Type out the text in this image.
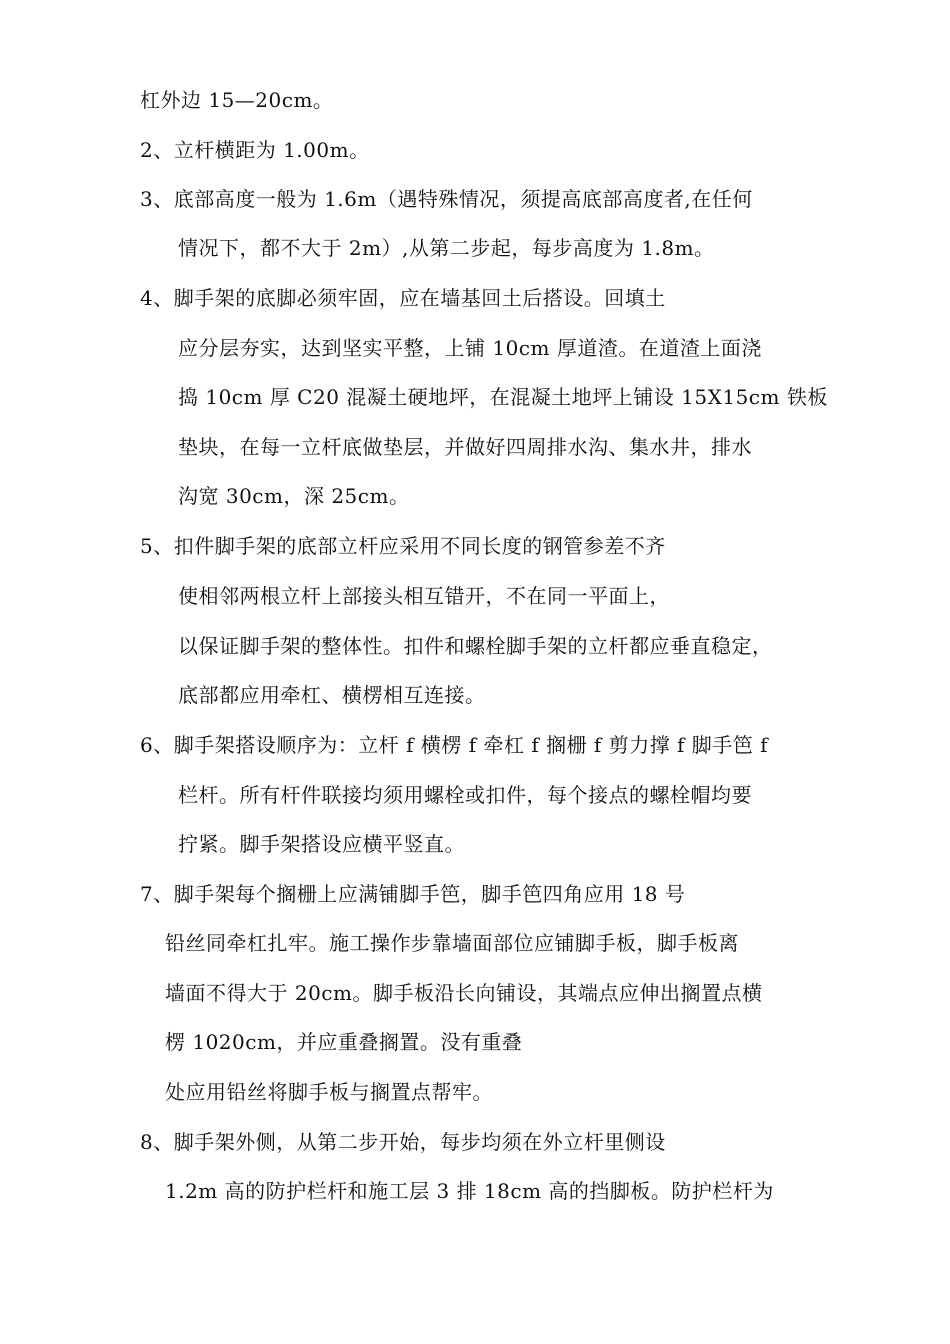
杠外边 15—20cm。
2、立杆横距为 1.00m。
3、底部高度一般为 1.6m（遇特殊情况，须提高底部高度者,在任何
情况下，都不大于 2m）,从第二步起，每步高度为 1.8m。
4、脚手架的底脚必须牢固，应在墙基回土后搭设。回填土
应分层夯实，达到坚实平整，上铺 10cm 厚道渣。在道渣上面浇
捣 10cm 厚 C20 混凝土硬地坪，在混凝土地坪上铺设 15X15cm 铁板
垫块，在每一立杆底做垫层，并做好四周排水沟、集水井，排水
沟宽 30cm，深 25cm。
5、扣件脚手架的底部立杆应采用不同长度的钢管参差不齐
使相邻两根立杆上部接头相互错开，不在同一平面上，
以保证脚手架的整体性。扣件和螺栓脚手架的立杆都应垂直稳定，
底部都应用牵杠、横楞相互连接。
6、脚手架搭设顺序为：立杆 f 横楞 f 牵杠 f 搁栅 f 剪力撑 f 脚手笆 f
栏杆。所有杆件联接均须用螺栓或扣件，每个接点的螺栓帽均要
拧紧。脚手架搭设应横平竖直。
7、脚手架每个搁栅上应满铺脚手笆，脚手笆四角应用 18 号
铅丝同牵杠扎牢。施工操作步靠墙面部位应铺脚手板，脚手板离
墙面不得大于 20cm。脚手板沿长向铺设，其端点应伸出搁置点横
楞 1020cm，并应重叠搁置。没有重叠
处应用铅丝将脚手板与搁置点帮牢。
8、脚手架外侧，从第二步开始，每步均须在外立杆里侧设
1.2m 高的防护栏杆和施工层 3 排 18cm 高的挡脚板。防护栏杆为
